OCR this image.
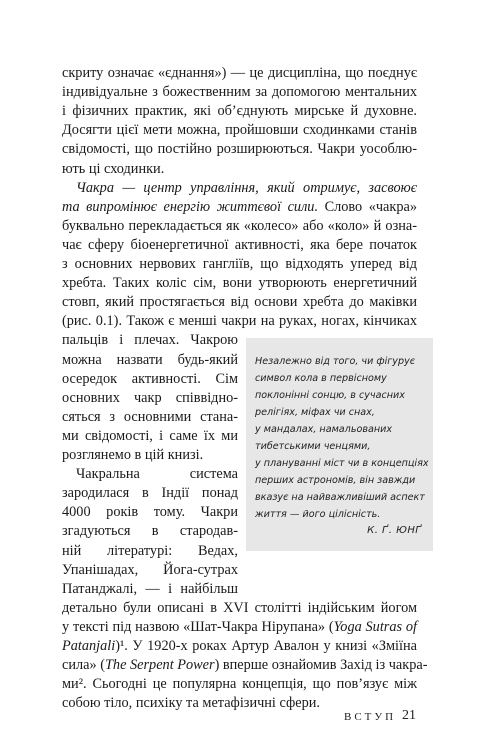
скриту означає «єднання») — це дисципліна, що поєднує
індивідуальне з божественним за допомогою ментальних
і фізичних практик, які об’єднують мирське й духовне.
Досягти цієї мети можна, пройшовши сходинками станів
свідомості, що постійно розширюються. Чакри уособлю-
ють ці сходинки.
Чакра — центр управління, який отримує, засвоює
та випромінює енергію життєвої сили. Слово «чакра»
буквально перекладається як «колесо» або «коло» й озна-
чає сферу біоенергетичної активності, яка бере початок
з основних нервових гангліїв, що відходять уперед від
хребта. Таких коліс сім, вони утворюють енергетичний
стовп, який простягається від основи хребта до маківки
(рис. 0.1). Також є менші чакри на руках, ногах, кінчиках
пальців і плечах. Чакрою
можна назвати будь-який
осередок активності. Сім
основних чакр співвідно-
сяться з основними стана-
ми свідомості, і саме їх ми
розглянемо в цій книзі.
Чакральна система
зародилася в Індії понад
4000 років тому. Чакри
згадуються в стародав-
ній літературі: Ведах,
Упанішадах, Йога-сутрах
Патанджалі, — і найбільш
детально були описані в XVI столітті індійським йогом
у тексті під назвою «Шат-Чакра Нірупана» (Yoga Sutras of
Patanjali)¹. У 1920-х роках Артур Авалон у книзі «Зміїна
сила» (The Serpent Power) вперше ознайомив Захід із чакра-
ми². Сьогодні це популярна концепція, що пов’язує між
собою тіло, психіку та метафізичні сфери.
Незалежно від того, чи фігурує
символ кола в первісному
поклонінні сонцю, в сучасних
релігіях, міфах чи снах,
у мандалах, намальованих
тибетськими ченцями,
у плануванні міст чи в концепціях
перших астрономів, він завжди
вказує на найважливіший аспект
життя — його цілісність.
К. Ґ. ЮНҐ
ВСТУП 21
